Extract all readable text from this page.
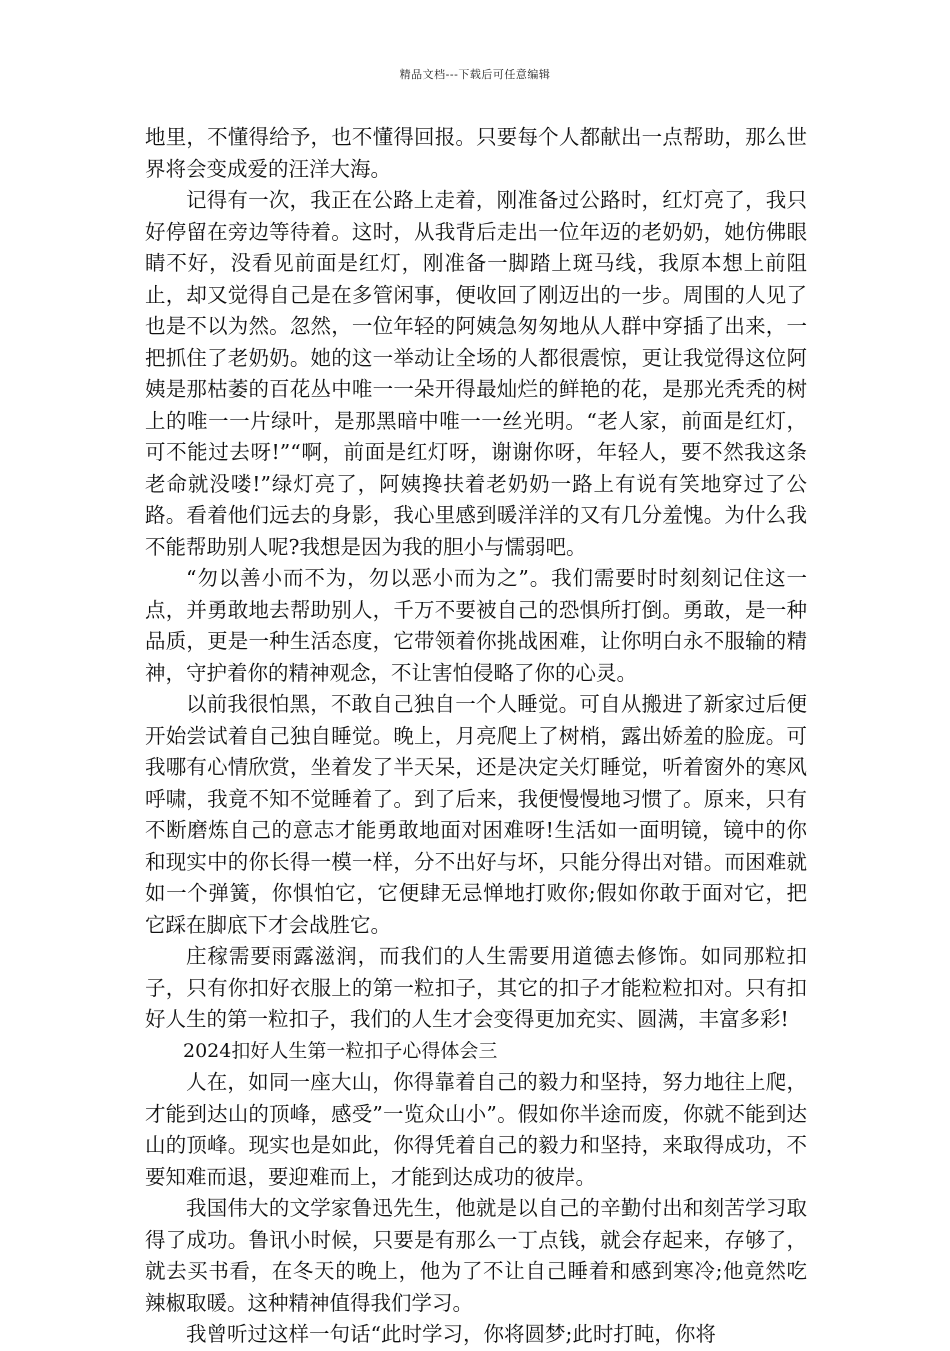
精品文档---下载后可任意编辑

地里，不懂得给予，也不懂得回报。只要每个人都献出一点帮助，那么世界将会变成爱的汪洋大海。

记得有一次，我正在公路上走着，刚准备过公路时，红灯亮了，我只好停留在旁边等待着。这时，从我背后走出一位年迈的老奶奶，她仿佛眼睛不好，没看见前面是红灯，刚准备一脚踏上斑马线，我原本想上前阻止，却又觉得自己是在多管闲事，便收回了刚迈出的一步。周围的人见了也是不以为然。忽然，一位年轻的阿姨急匆匆地从人群中穿插了出来，一把抓住了老奶奶。她的这一举动让全场的人都很震惊，更让我觉得这位阿姨是那枯萎的百花丛中唯一一朵开得最灿烂的鲜艳的花，是那光秃秃的树上的唯一一片绿叶，是那黑暗中唯一一丝光明。“老人家，前面是红灯，可不能过去呀!”“啊，前面是红灯呀，谢谢你呀，年轻人，要不然我这条老命就没喽!”绿灯亮了，阿姨搀扶着老奶奶一路上有说有笑地穿过了公路。看着他们远去的身影，我心里感到暖洋洋的又有几分羞愧。为什么我不能帮助别人呢?我想是因为我的胆小与懦弱吧。

“勿以善小而不为，勿以恶小而为之”。我们需要时时刻刻记住这一点，并勇敢地去帮助别人，千万不要被自己的恐惧所打倒。勇敢，是一种品质，更是一种生活态度，它带领着你挑战困难，让你明白永不服输的精神，守护着你的精神观念，不让害怕侵略了你的心灵。

以前我很怕黑，不敢自己独自一个人睡觉。可自从搬进了新家过后便开始尝试着自己独自睡觉。晚上，月亮爬上了树梢，露出娇羞的脸庞。可我哪有心情欣赏，坐着发了半天呆，还是决定关灯睡觉，听着窗外的寒风呼啸，我竟不知不觉睡着了。到了后来，我便慢慢地习惯了。原来，只有不断磨炼自己的意志才能勇敢地面对困难呀!生活如一面明镜，镜中的你和现实中的你长得一模一样，分不出好与坏，只能分得出对错。而困难就如一个弹簧，你惧怕它，它便肆无忌惮地打败你;假如你敢于面对它，把它踩在脚底下才会战胜它。

庄稼需要雨露滋润，而我们的人生需要用道德去修饰。如同那粒扣子，只有你扣好衣服上的第一粒扣子，其它的扣子才能粒粒扣对。只有扣好人生的第一粒扣子，我们的人生才会变得更加充实、圆满，丰富多彩!

2024扣好人生第一粒扣子心得体会三

人在，如同一座大山，你得靠着自己的毅力和坚持，努力地往上爬，才能到达山的顶峰，感受”一览众山小”。假如你半途而废，你就不能到达山的顶峰。现实也是如此，你得凭着自己的毅力和坚持，来取得成功，不要知难而退，要迎难而上，才能到达成功的彼岸。

我国伟大的文学家鲁迅先生，他就是以自己的辛勤付出和刻苦学习取得了成功。鲁讯小时候，只要是有那么一丁点钱，就会存起来，存够了，就去买书看，在冬天的晚上，他为了不让自己睡着和感到寒冷;他竟然吃辣椒取暖。这种精神值得我们学习。

我曾听过这样一句话“此时学习，你将圆梦;此时打盹，你将
